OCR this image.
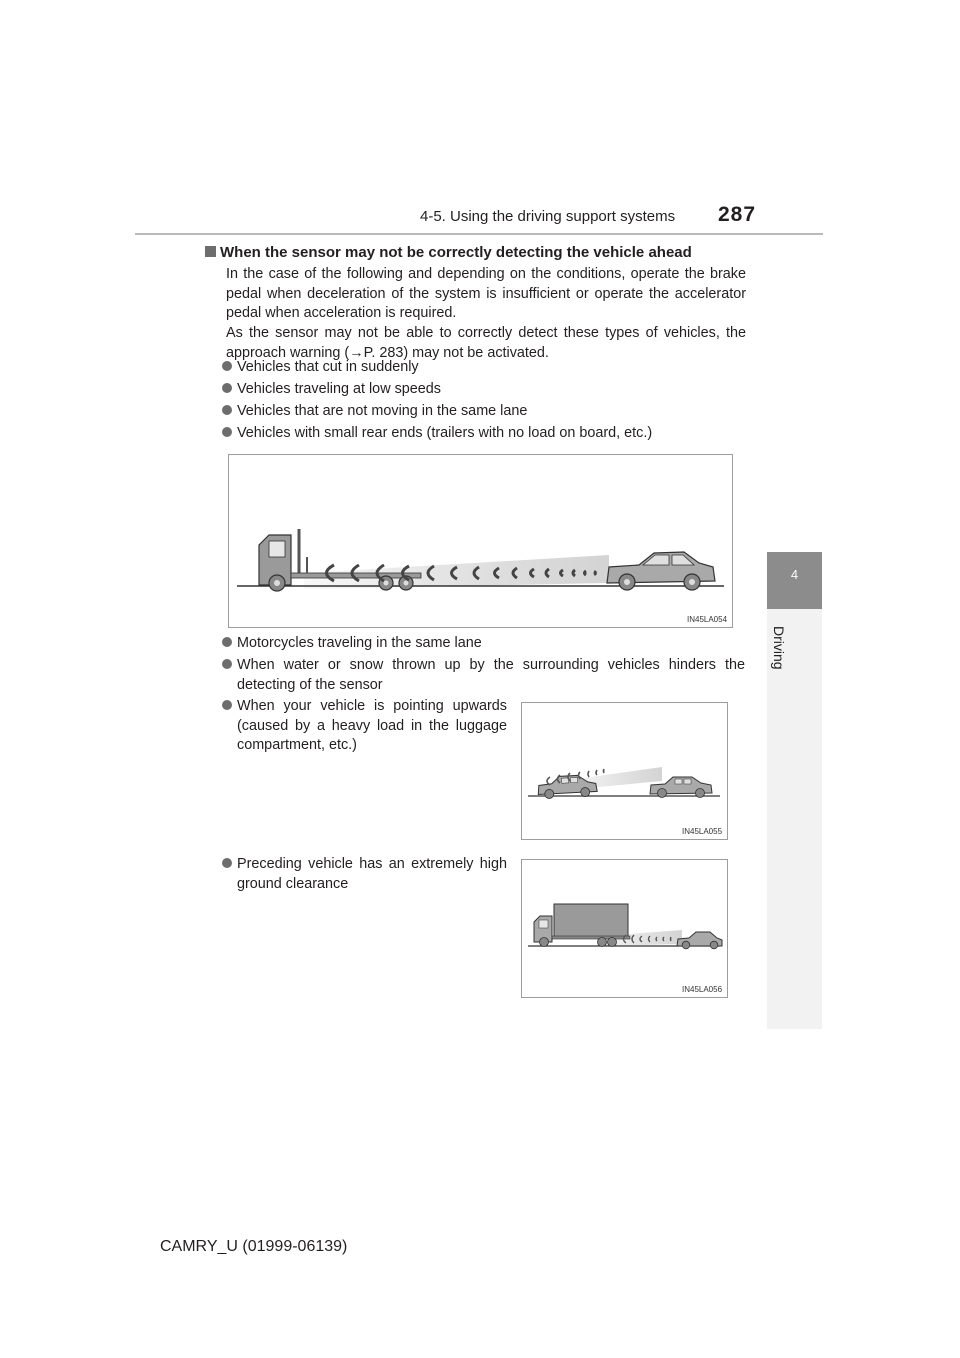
4-5. Using the driving support systems 287
4
Driving
When the sensor may not be correctly detecting the vehicle ahead
In the case of the following and depending on the conditions, operate the brake pedal when deceleration of the system is insufficient or operate the accelerator pedal when acceleration is required.
As the sensor may not be able to correctly detect these types of vehicles, the approach warning (→P. 283) may not be activated.
Vehicles that cut in suddenly
Vehicles traveling at low speeds
Vehicles that are not moving in the same lane
Vehicles with small rear ends (trailers with no load on board, etc.)
IN45LA054
Motorcycles traveling in the same lane
When water or snow thrown up by the surrounding vehicles hinders the detecting of the sensor
When your vehicle is pointing upwards (caused by a heavy load in the luggage compartment, etc.)
IN45LA055
Preceding vehicle has an extremely high ground clearance
IN45LA056
CAMRY_U (01999-06139)
